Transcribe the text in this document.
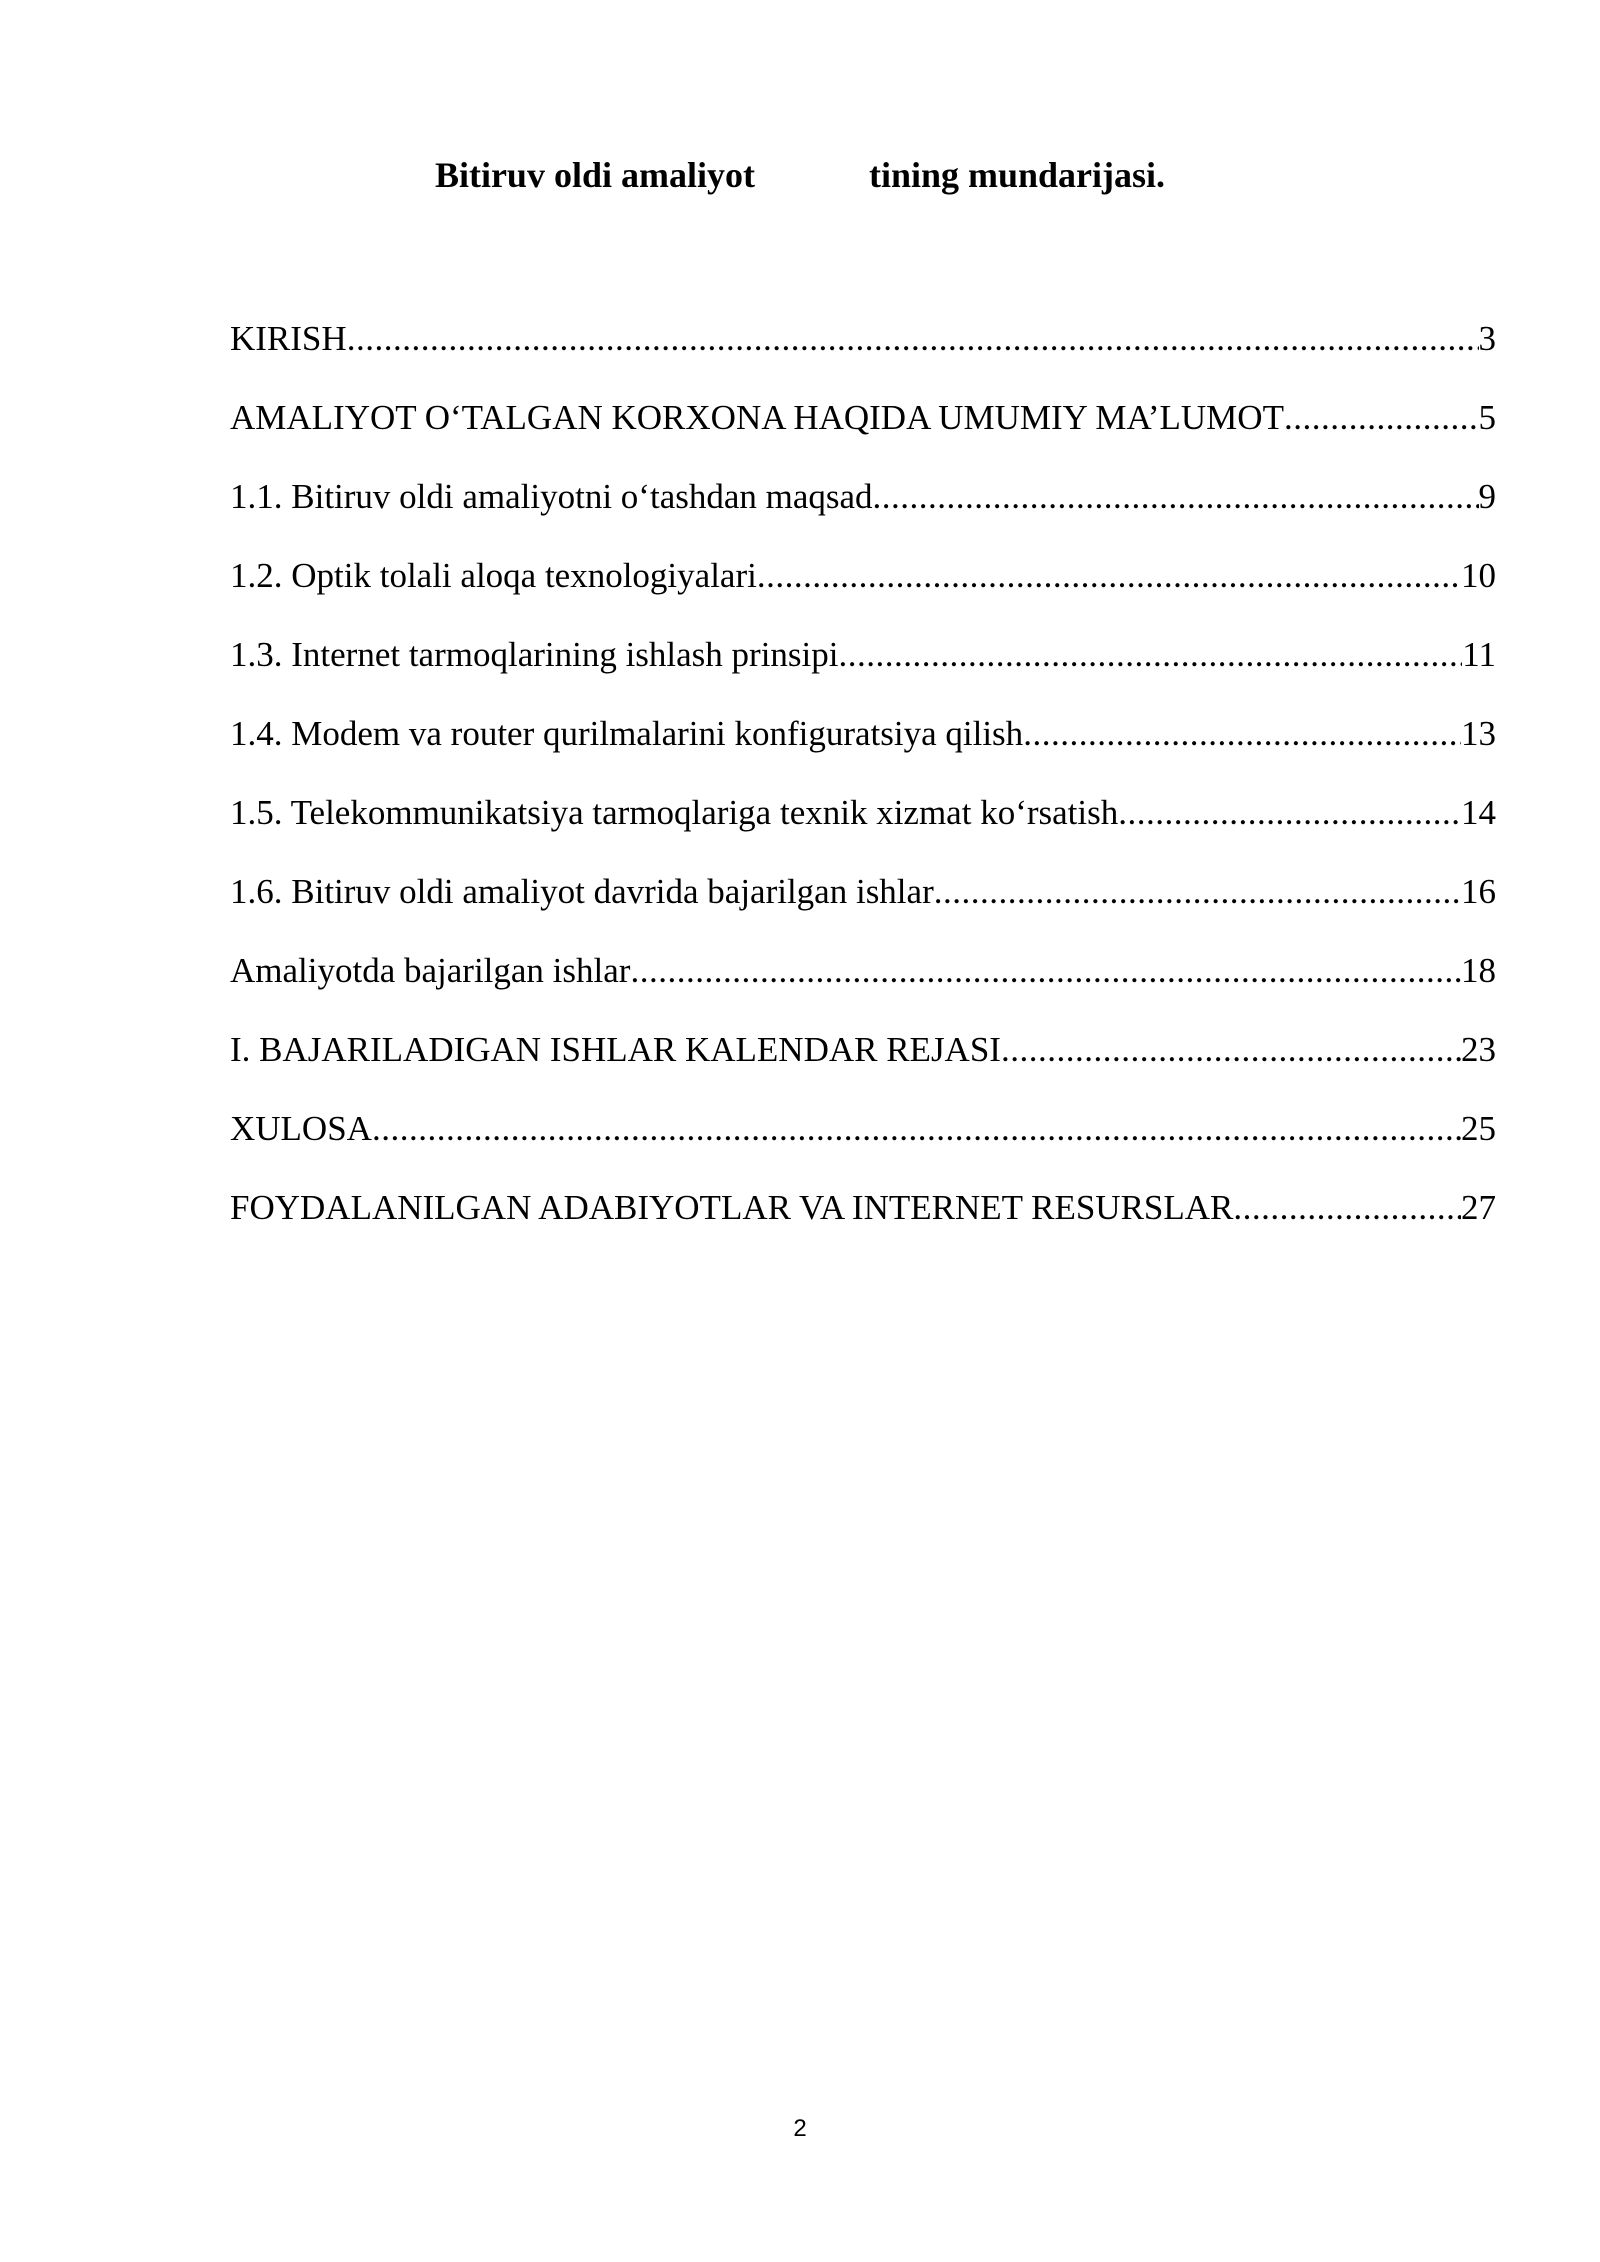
Bitiruv oldi amaliyot	tining mundarijasi.
KIRISH .....	3
AMALIYOT O‘TALGAN KORXONA HAQIDA UMUMIY MA’LUMOT .....	5
1.1. Bitiruv oldi amaliyotni o‘tashdan maqsad .....	9
1.2. Optik tolali aloqa texnologiyalari .....	10
1.3. Internet tarmoqlarining ishlash prinsipi .....	11
1.4. Modem va router qurilmalarini konfiguratsiya qilish .....	13
1.5. Telekommunikatsiya tarmoqlariga texnik xizmat ko‘rsatish .....	14
1.6. Bitiruv oldi amaliyot davrida bajarilgan ishlar .....	16
Amaliyotda bajarilgan ishlar .....	18
I. BAJARILADIGAN ISHLAR KALENDAR REJASI .....	23
XULOSA .....	25
FOYDALANILGAN ADABIYOTLAR VA INTERNET RESURSLAR .....	27
2
